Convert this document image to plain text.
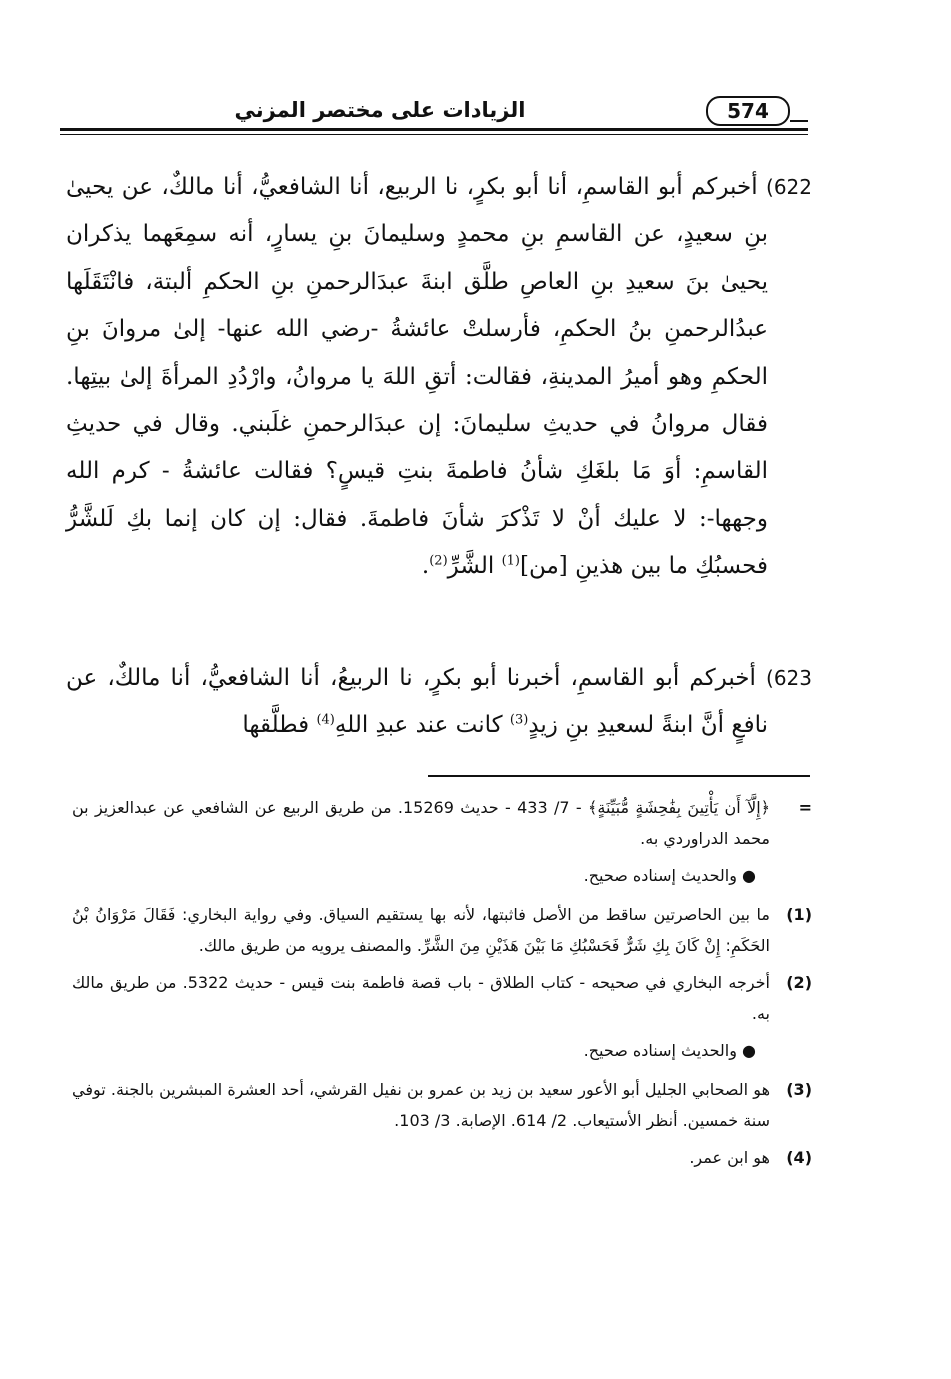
الزيادات على مختصر المزني	574

622) أخبركم أبو القاسمِ، أنا أبو بكرٍ، نا الربيع، أنا الشافعيُّ، أنا مالكٌ، عن يحيىٰ بنِ سعيدٍ، عن القاسمِ بنِ محمدٍ وسليمانَ بنِ يسارٍ، أنه سمِعَهما يذكران يحيىٰ بنَ سعيدِ بنِ العاصِ طلَّق ابنةَ عبدَالرحمنِ بنِ الحكمِ ألبتة، فانْتَقَلَها عبدُالرحمنِ بنُ الحكمِ، فأرسلتْ عائشةُ -رضي الله عنها- إلىٰ مروانَ بنِ الحكمِ وهو أميرُ المدينةِ، فقالت: أتقِ اللهَ يا مروانُ، وارْدُدِ المرأةَ إلىٰ بيتِها. فقال مروانُ في حديثِ سليمانَ: إن عبدَالرحمنِ غلَبني. وقال في حديثِ القاسمِ: أوَ مَا بلغَكِ شأنُ فاطمةَ بنتِ قيسٍ؟ فقالت عائشةُ - كرم الله وجهها-: لا عليك أنْ لا تَذْكرَ شأنَ فاطمةَ. فقال: إن كان إنما بكِ لَلشَّرُّ فحسبُكِ ما بين هذينِ [من]$^{(1)}$ الشَّرِّ$^{(2)}$.

623) أخبركم أبو القاسمِ، أخبرنا أبو بكرٍ، نا الربيعُ، أنا الشافعيُّ، أنا مالكٌ، عن نافعٍ أنَّ ابنةً لسعيدِ بنِ زيدٍ$^{(3)}$ كانت عند عبدِ اللهِ$^{(4)}$ فطلَّقها

=
﴿إِلَّآ أَن يَأْتِينَ بِفَٰحِشَةٍ مُّبَيِّنَةٍ﴾ - 7/ 433 - حديث 15269. من طريق الربيع عن الشافعي عن عبدالعزيز بن محمد الدراوردي به.
● والحديث إسناده صحيح.
(1)
ما بين الحاصرتين ساقط من الأصل فاثبتها، لأنه بها يستقيم السياق. وفي رواية البخاري: فَقَالَ مَرْوَانُ بْنُ الحَكَمِ: إِنْ كَانَ بِكِ شَرٌّ فَحَسْبُكِ مَا بَيْنَ هَذَيْنِ مِنَ الشَّرِّ. والمصنف يرويه من طريق مالك.
(2)
أخرجه البخاري في صحيحه - كتاب الطلاق - باب قصة فاطمة بنت قيس - حديث 5322. من طريق مالك به.
● والحديث إسناده صحيح.
(3)
هو الصحابي الجليل أبو الأعور سعيد بن زيد بن عمرو بن نفيل القرشي، أحد العشرة المبشرين بالجنة. توفي سنة خمسين. أنظر الأستيعاب. 2/ 614. الإصابة. 3/ 103.
(4)
هو ابن عمر.
